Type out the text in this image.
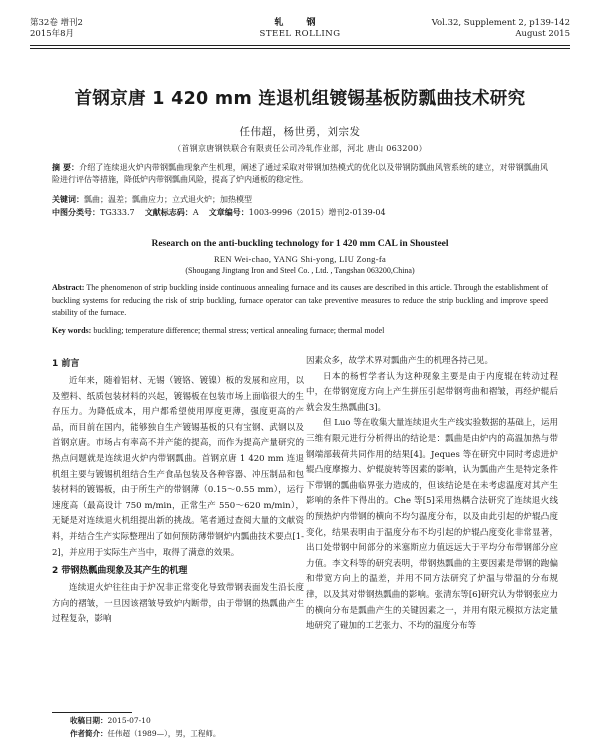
第32卷 增刊2
2015年8月
轧 钢
STEEL ROLLING
Vol.32, Supplement 2, p139-142
August 2015
首钢京唐 1 420 mm 连退机组镀锡基板防瓢曲技术研究
任伟超，杨世勇，刘宗发
（首钢京唐钢铁联合有限责任公司冷轧作业部，河北 唐山 063200）
摘 要：介绍了连续退火炉内带钢瓢曲现象产生机理，阐述了通过采取对带钢加热模式的优化以及带钢防瓢曲风管系统的建立，对带钢瓢曲风险进行评估等措施，降低炉内带钢瓢曲风险，提高了炉内通板的稳定性。
关键词：瓢曲；温差；瓢曲应力；立式退火炉；加热模型
中图分类号：TG333.7    文献标志码：A 文章编号：1003-9996（2015）增刊2-0139-04
Research on the anti-buckling technology for 1 420 mm CAL in Shousteel
REN Wei-chao, YANG Shi-yong, LIU Zong-fa
(Shougang Jingtang Iron and Steel Co. , Ltd. , Tangshan 063200,China)
Abstract: The phenomenon of strip buckling inside continuous annealing furnace and its causes are described in this article. Through the establishment of buckling systems for reducing the risk of strip buckling, furnace operator can take preventive measures to reduce the strip buckling and improve speed stability of the furnace.
Key words: buckling; temperature difference; thermal stress; vertical annealing furnace; thermal model
1 前言

近年来，随着铝材、无锡（镀铬、镀镍）板的发展和应用，以及塑料、纸质包装材料的兴起，镀锡板在包装市场上面临很大的生存压力。为降低成本，用户都希望使用厚度更薄，强度更高的产品，而目前在国内，能够独自生产镀锡基板的只有宝钢、武钢以及首钢京唐。市场占有率高不并产能的提高，而作为提高产量研究的热点问题就是连续退火炉内带钢瓢曲。首钢京唐 1 420 mm 连退机组主要与镀锡机组结合生产食品包装及各种容器、冲压制品和包装材料的镀锡板，由于所生产的带钢薄（0.15～0.55 mm），运行速度高（最高设计 750 m/min，正常生产 550～620 m/min），无疑是对连续退火机组提出新的挑战。笔者通过查阅大量的文献资料，并结合生产实际整理出了如何预防薄带钢炉内瓢曲技术要点[1-2]，并应用于实际生产当中，取得了满意的效果。

2 带钢热瓢曲现象及其产生的机理

连续退火炉往往由于炉况非正常变化导致带钢表面发生沿长度方向的褶皱，一旦因该褶皱导致炉内断带，由于带钢的热瓢曲产生过程复杂，影响

因素众多，故学术界对瓢曲产生的机理各持己见。

日本的杨哲学者认为这种现象主要是由于内度辊在转动过程中，在带钢宽度方向上产生拼压引起带钢弯曲和褶皱，再经炉辊后就会发生热瓢曲[3]。

但 Luo 等在收集大量连续退火生产线实验数据的基础上，运用三维有限元进行分析得出的结论是：瓢曲是由炉内的高温加热与带钢端部载荷共同作用的结果[4]。Jeques 等在研究中同时考虑进炉辊凸度摩擦力、炉辊旋转等因素的影响，认为瓢曲产生是特定条件下带钢的瓢曲临界张力造成的，但该结论是在未考虑温度对其产生影响的条件下得出的。Che 等[5]采用热耦合法研究了连续退火线的预热炉内带钢的横向不均匀温度分布，以及由此引起的炉辊凸度变化，结果表明由于温度分布不均引起的炉辊凸度变化非常显著，出口处带钢中间部分的米塞斯应力值远远大于平均分布带钢部分应力值。李文科等的研究表明，带钢热瓢曲的主要因素是带钢的跑偏和带宽方向上的温差，并用不同方法研究了炉温与带温的分布规律，以及其对带钢热瓢曲的影响。张清东等[6]研究认为带钢张应力的横向分布是瓢曲产生的关键因素之一，并用有限元模拟方法定量地研究了碰加的工艺张力、不均的温度分布等

收稿日期：2015-07-10
作者简介：任伟超（1989—），男，工程师。
